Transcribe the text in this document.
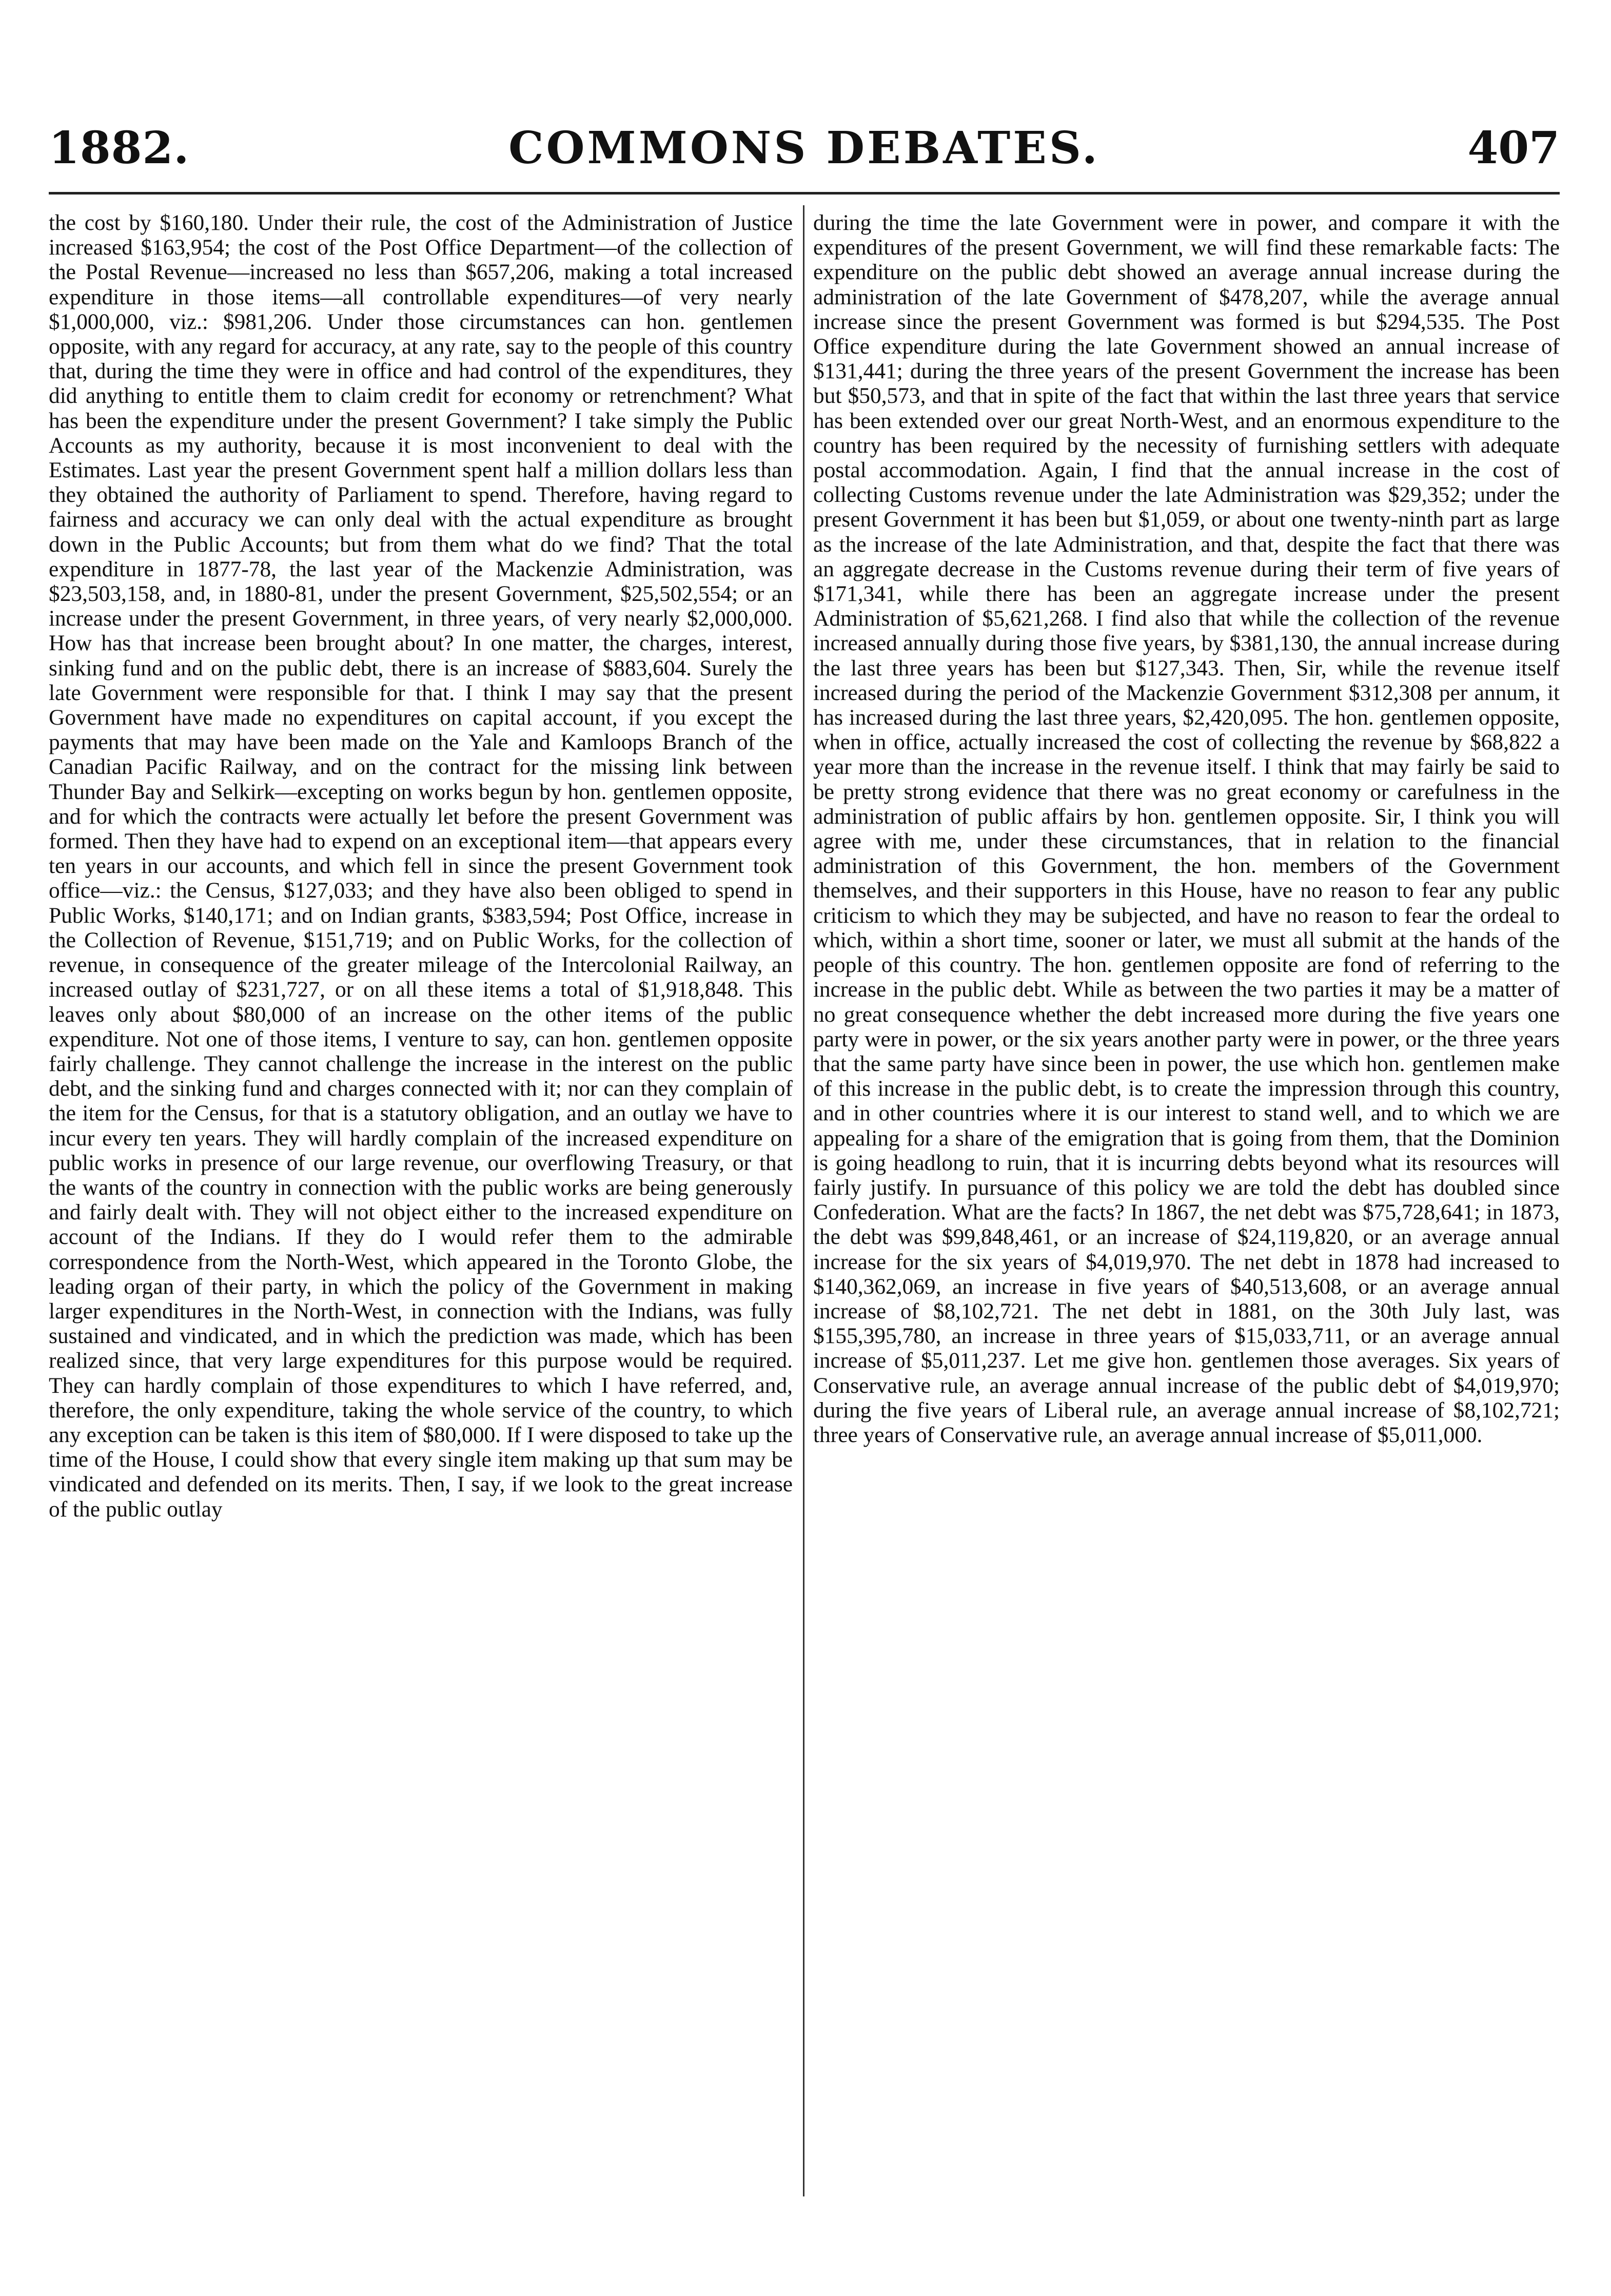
1882.	COMMONS DEBATES.	407

the cost by $160,180. Under their rule, the cost of the Administration of Justice increased $163,954; the cost of the Post Office Department—of the collection of the Postal Revenue—increased no less than $657,206, making a total increased expenditure in those items—all controllable expenditures—of very nearly $1,000,000, viz.: $981,206. Under those circumstances can hon. gentlemen opposite, with any regard for accuracy, at any rate, say to the people of this country that, during the time they were in office and had control of the expenditures, they did anything to entitle them to claim credit for economy or retrenchment? What has been the expenditure under the present Government? I take simply the Public Accounts as my authority, because it is most inconvenient to deal with the Estimates. Last year the present Government spent half a million dollars less than they obtained the authority of Parliament to spend. Therefore, having regard to fairness and accuracy we can only deal with the actual expenditure as brought down in the Public Accounts; but from them what do we find? That the total expenditure in 1877-78, the last year of the Mackenzie Administration, was $23,503,158, and, in 1880-81, under the present Government, $25,502,554; or an increase under the present Government, in three years, of very nearly $2,000,000. How has that increase been brought about? In one matter, the charges, interest, sinking fund and on the public debt, there is an increase of $883,604. Surely the late Government were responsible for that. I think I may say that the present Government have made no expenditures on capital account, if you except the payments that may have been made on the Yale and Kamloops Branch of the Canadian Pacific Railway, and on the contract for the missing link between Thunder Bay and Selkirk—excepting on works begun by hon. gentlemen opposite, and for which the contracts were actually let before the present Government was formed. Then they have had to expend on an exceptional item—that appears every ten years in our accounts, and which fell in since the present Government took office—viz.: the Census, $127,033; and they have also been obliged to spend in Public Works, $140,171; and on Indian grants, $383,594; Post Office, increase in the Collection of Revenue, $151,719; and on Public Works, for the collection of revenue, in consequence of the greater mileage of the Intercolonial Railway, an increased outlay of $231,727, or on all these items a total of $1,918,848. This leaves only about $80,000 of an increase on the other items of the public expenditure. Not one of those items, I venture to say, can hon. gentlemen opposite fairly challenge. They cannot challenge the increase in the interest on the public debt, and the sinking fund and charges connected with it; nor can they complain of the item for the Census, for that is a statutory obligation, and an outlay we have to incur every ten years. They will hardly complain of the increased expenditure on public works in presence of our large revenue, our overflowing Treasury, or that the wants of the country in connection with the public works are being generously and fairly dealt with. They will not object either to the increased expenditure on account of the Indians. If they do I would refer them to the admirable correspondence from the North-West, which appeared in the Toronto Globe, the leading organ of their party, in which the policy of the Government in making larger expenditures in the North-West, in connection with the Indians, was fully sustained and vindicated, and in which the prediction was made, which has been realized since, that very large expenditures for this purpose would be required. They can hardly complain of those expenditures to which I have referred, and, therefore, the only expenditure, taking the whole service of the country, to which any exception can be taken is this item of $80,000. If I were disposed to take up the time of the House, I could show that every single item making up that sum may be vindicated and defended on its merits. Then, I say, if we look to the great increase of the public outlay

during the time the late Government were in power, and compare it with the expenditures of the present Government, we will find these remarkable facts: The expenditure on the public debt showed an average annual increase during the administration of the late Government of $478,207, while the average annual increase since the present Government was formed is but $294,535. The Post Office expenditure during the late Government showed an annual increase of $131,441; during the three years of the present Government the increase has been but $50,573, and that in spite of the fact that within the last three years that service has been extended over our great North-West, and an enormous expenditure to the country has been required by the necessity of furnishing settlers with adequate postal accommodation. Again, I find that the annual increase in the cost of collecting Customs revenue under the late Administration was $29,352; under the present Government it has been but $1,059, or about one twenty-ninth part as large as the increase of the late Administration, and that, despite the fact that there was an aggregate decrease in the Customs revenue during their term of five years of $171,341, while there has been an aggregate increase under the present Administration of $5,621,268. I find also that while the collection of the revenue increased annually during those five years, by $381,130, the annual increase during the last three years has been but $127,343. Then, Sir, while the revenue itself increased during the period of the Mackenzie Government $312,308 per annum, it has increased during the last three years, $2,420,095. The hon. gentlemen opposite, when in office, actually increased the cost of collecting the revenue by $68,822 a year more than the increase in the revenue itself. I think that may fairly be said to be pretty strong evidence that there was no great economy or carefulness in the administration of public affairs by hon. gentlemen opposite. Sir, I think you will agree with me, under these circumstances, that in relation to the financial administration of this Government, the hon. members of the Government themselves, and their supporters in this House, have no reason to fear any public criticism to which they may be subjected, and have no reason to fear the ordeal to which, within a short time, sooner or later, we must all submit at the hands of the people of this country. The hon. gentlemen opposite are fond of referring to the increase in the public debt. While as between the two parties it may be a matter of no great consequence whether the debt increased more during the five years one party were in power, or the six years another party were in power, or the three years that the same party have since been in power, the use which hon. gentlemen make of this increase in the public debt, is to create the impression through this country, and in other countries where it is our interest to stand well, and to which we are appealing for a share of the emigration that is going from them, that the Dominion is going headlong to ruin, that it is incurring debts beyond what its resources will fairly justify. In pursuance of this policy we are told the debt has doubled since Confederation. What are the facts? In 1867, the net debt was $75,728,641; in 1873, the debt was $99,848,461, or an increase of $24,119,820, or an average annual increase for the six years of $4,019,970. The net debt in 1878 had increased to $140,362,069, an increase in five years of $40,513,608, or an average annual increase of $8,102,721. The net debt in 1881, on the 30th July last, was $155,395,780, an increase in three years of $15,033,711, or an average annual increase of $5,011,237. Let me give hon. gentlemen those averages. Six years of Conservative rule, an average annual increase of the public debt of $4,019,970; during the five years of Liberal rule, an average annual increase of $8,102,721; three years of Conservative rule, an average annual increase of $5,011,000.
